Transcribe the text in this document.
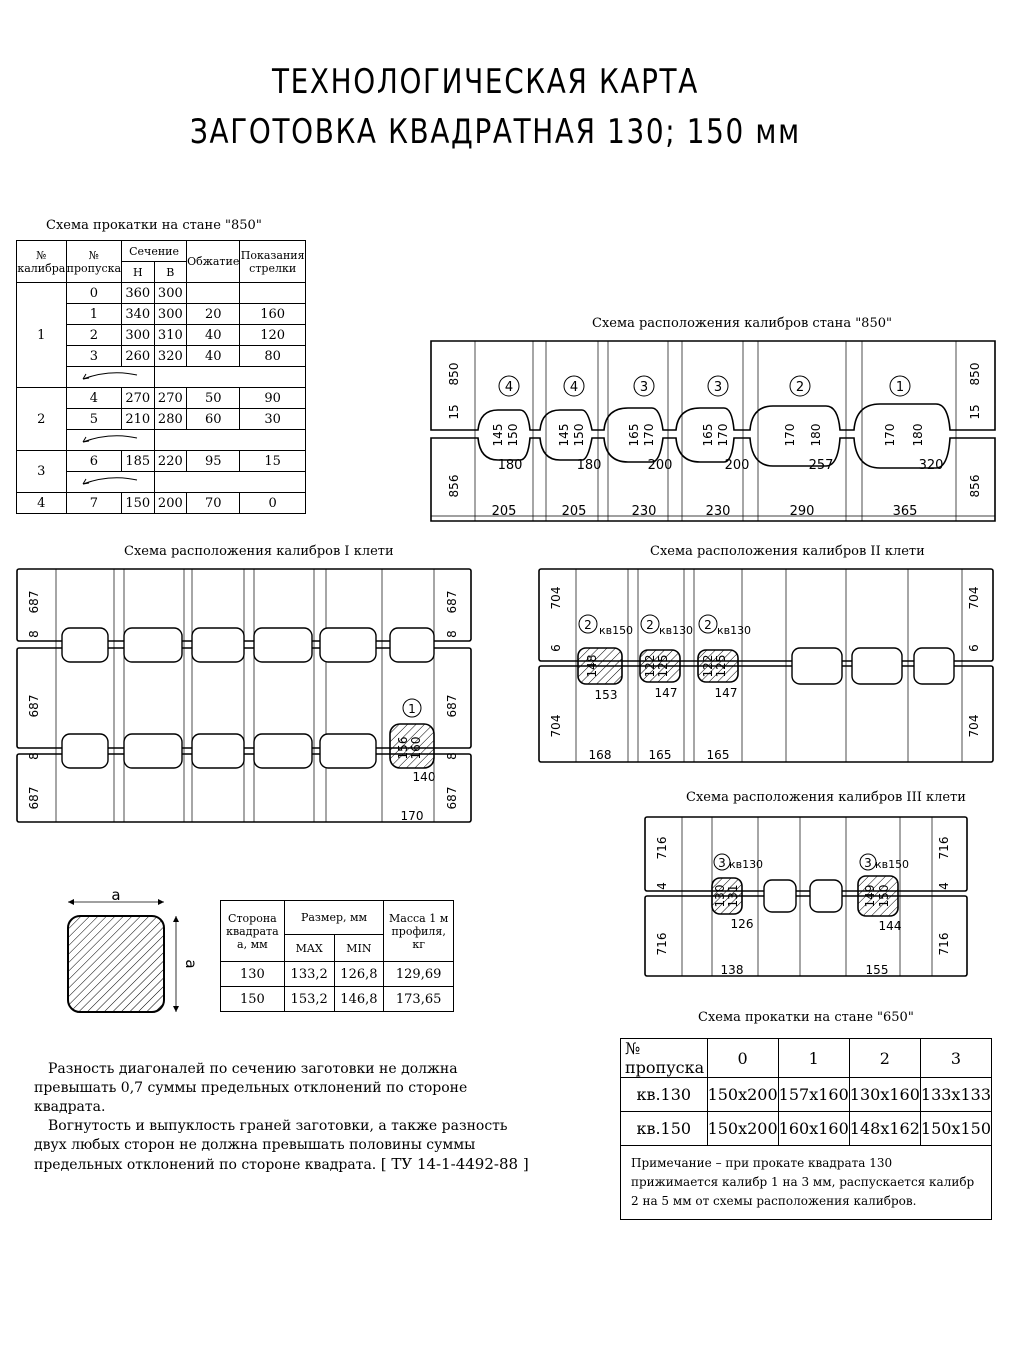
ТЕХНОЛОГИЧЕСКАЯ КАРТА
ЗАГОТОВКА КВАДРАТНАЯ 130; 150 мм
Схема прокатки на стане "850"
№ калибра	№ пропуска	Сечение		Обжатие	Показания стрелки
		Н	В		
1	0	360	300		
	1	340	300	20	160
	2	300	310	40	120
	3	260	320	40	80

2	4	270	270	50	90
	5	210	280	60	30

3	6	185	220	95	15

4	7	150	200	70	0
Схема расположения калибров стана "850"
4	4	3	3	2	1
180	180	200	200	257	320
205	205	230	230	290	365
145 150	145 150	165 170	165 170	170 180	170 180
850
856
15
850
856
15
Схема расположения калибров I клети
1
140
170
156 160
687
8
687
8
687
687
8
687
8
687
Схема расположения калибров II клети
2	2	2
кв150 кв130 кв130
153	147	147
168	165	165
148	122 125	122 125
704
6
704
704
6
704
Схема расположения калибров III клети
3	3
кв130	кв150
126	144
138	155
130 131	149 150
716
4
716
716
4
716
a
a
Сторона квадрата а, мм	Размер, мм		Масса 1 м профиля, кг
	MAX	MIN	
130	133,2	126,8	129,69
150	153,2	146,8	173,65
Схема прокатки на стане "650"
№ пропуска	0	1	2	3
кв.130	150x200	157x160	130x160	133x133
кв.150	150x200	160x160	148x162	150x150
Примечание – при прокате квадрата 130 прижимается калибр 1 на 3 мм, распускается калибр 2 на 5 мм от схемы расположения калибров.				
Разность диагоналей по сечению заготовки не должна превышать 0,7 суммы предельных отклонений по стороне квадрата.
Вогнутость и выпуклость граней заготовки, а также разность двух любых сторон не должна превышать половины суммы предельных отклонений по стороне квадрата. [ ТУ 14-1-4492-88 ]
